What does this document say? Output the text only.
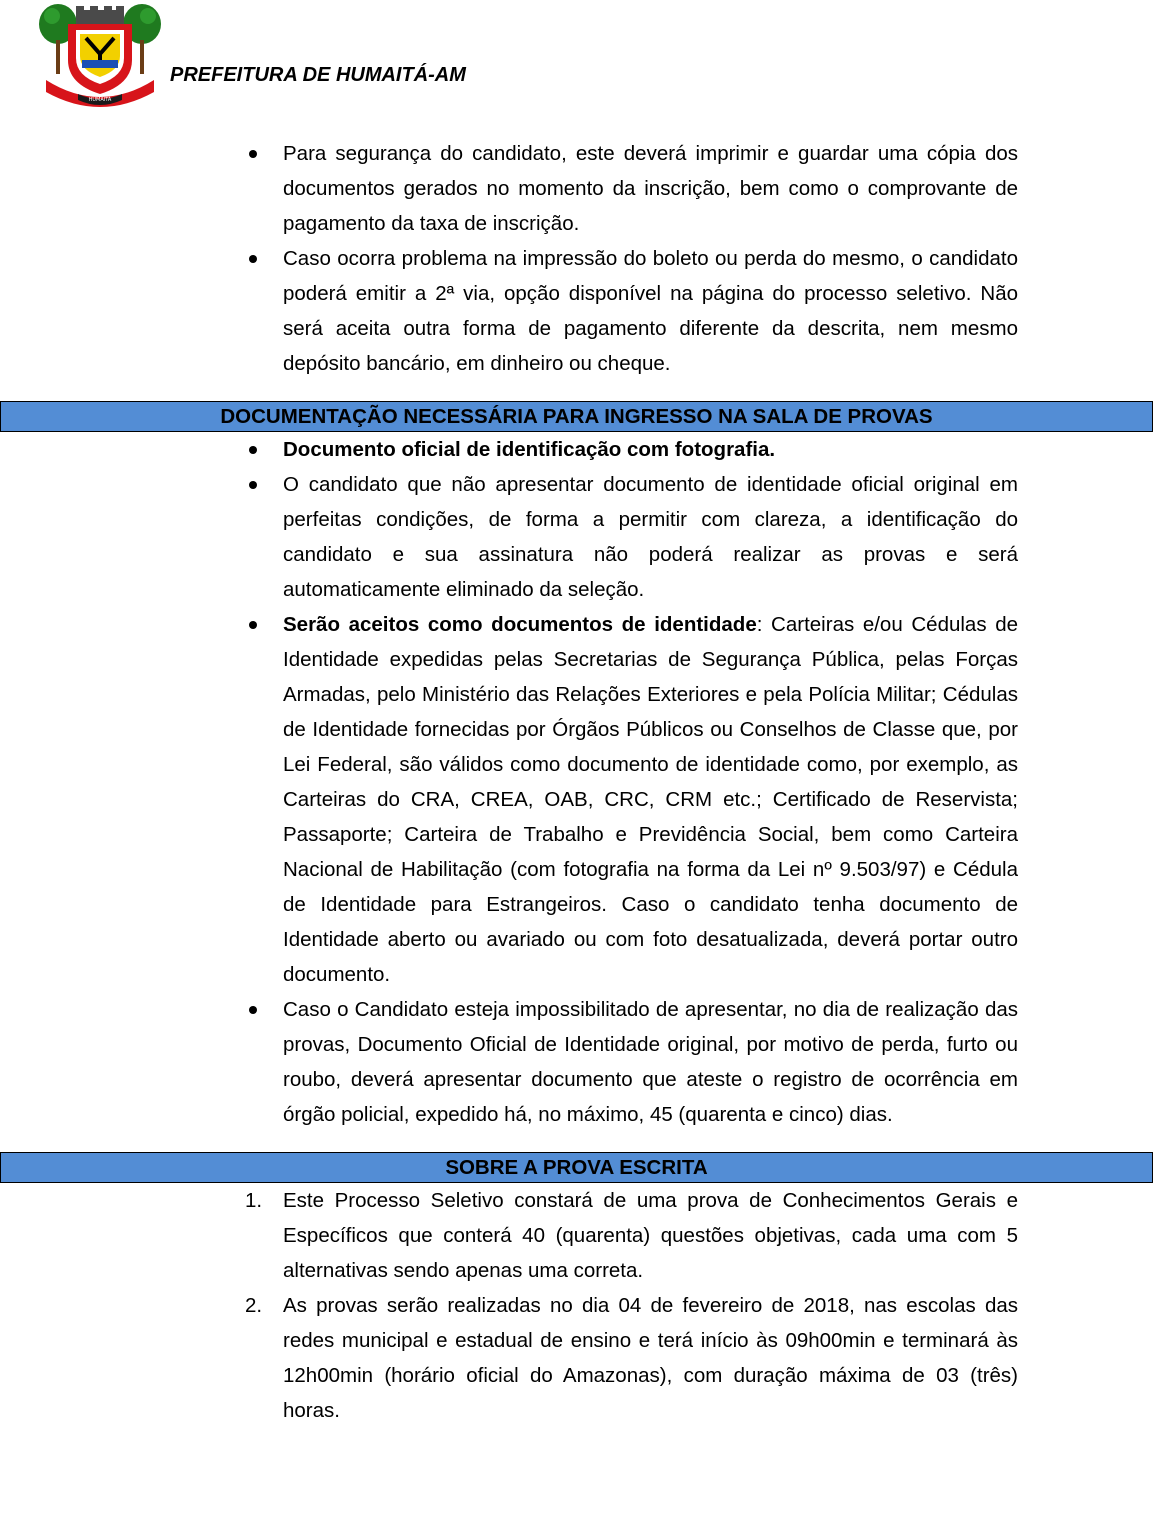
HUMAITÁ
PREFEITURA DE HUMAITÁ-AM
Para segurança do candidato, este deverá imprimir e guardar uma cópia dos documentos gerados no momento da inscrição, bem como o comprovante de pagamento da taxa de inscrição.
Caso ocorra problema na impressão do boleto ou perda do mesmo, o candidato poderá emitir a 2ª via, opção disponível na página do processo seletivo. Não será aceita outra forma de pagamento diferente da descrita, nem mesmo depósito bancário, em dinheiro ou cheque.
DOCUMENTAÇÃO NECESSÁRIA PARA INGRESSO NA SALA DE PROVAS
Documento oficial de identificação com fotografia.
O candidato que não apresentar documento de identidade oficial original em perfeitas condições, de forma a permitir com clareza, a identificação do candidato e sua assinatura não poderá realizar as provas e será automaticamente eliminado da seleção.
Serão aceitos como documentos de identidade: Carteiras e/ou Cédulas de Identidade expedidas pelas Secretarias de Segurança Pública, pelas Forças Armadas, pelo Ministério das Relações Exteriores e pela Polícia Militar; Cédulas de Identidade fornecidas por Órgãos Públicos ou Conselhos de Classe que, por Lei Federal, são válidos como documento de identidade como, por exemplo, as Carteiras do CRA, CREA, OAB, CRC, CRM etc.; Certificado de Reservista; Passaporte; Carteira de Trabalho e Previdência Social, bem como Carteira Nacional de Habilitação (com fotografia na forma da Lei nº 9.503/97) e Cédula de Identidade para Estrangeiros. Caso o candidato tenha documento de Identidade aberto ou avariado ou com foto desatualizada, deverá portar outro documento.
Caso o Candidato esteja impossibilitado de apresentar, no dia de realização das provas, Documento Oficial de Identidade original, por motivo de perda, furto ou roubo, deverá apresentar documento que ateste o registro de ocorrência em órgão policial, expedido há, no máximo, 45 (quarenta e cinco) dias.
SOBRE A PROVA ESCRITA
1. Este Processo Seletivo constará de uma prova de Conhecimentos Gerais e Específicos que conterá 40 (quarenta) questões objetivas, cada uma com 5 alternativas sendo apenas uma correta.
2. As provas serão realizadas no dia 04 de fevereiro de 2018, nas escolas das redes municipal e estadual de ensino e terá início às 09h00min e terminará às 12h00min (horário oficial do Amazonas), com duração máxima de 03 (três) horas.
